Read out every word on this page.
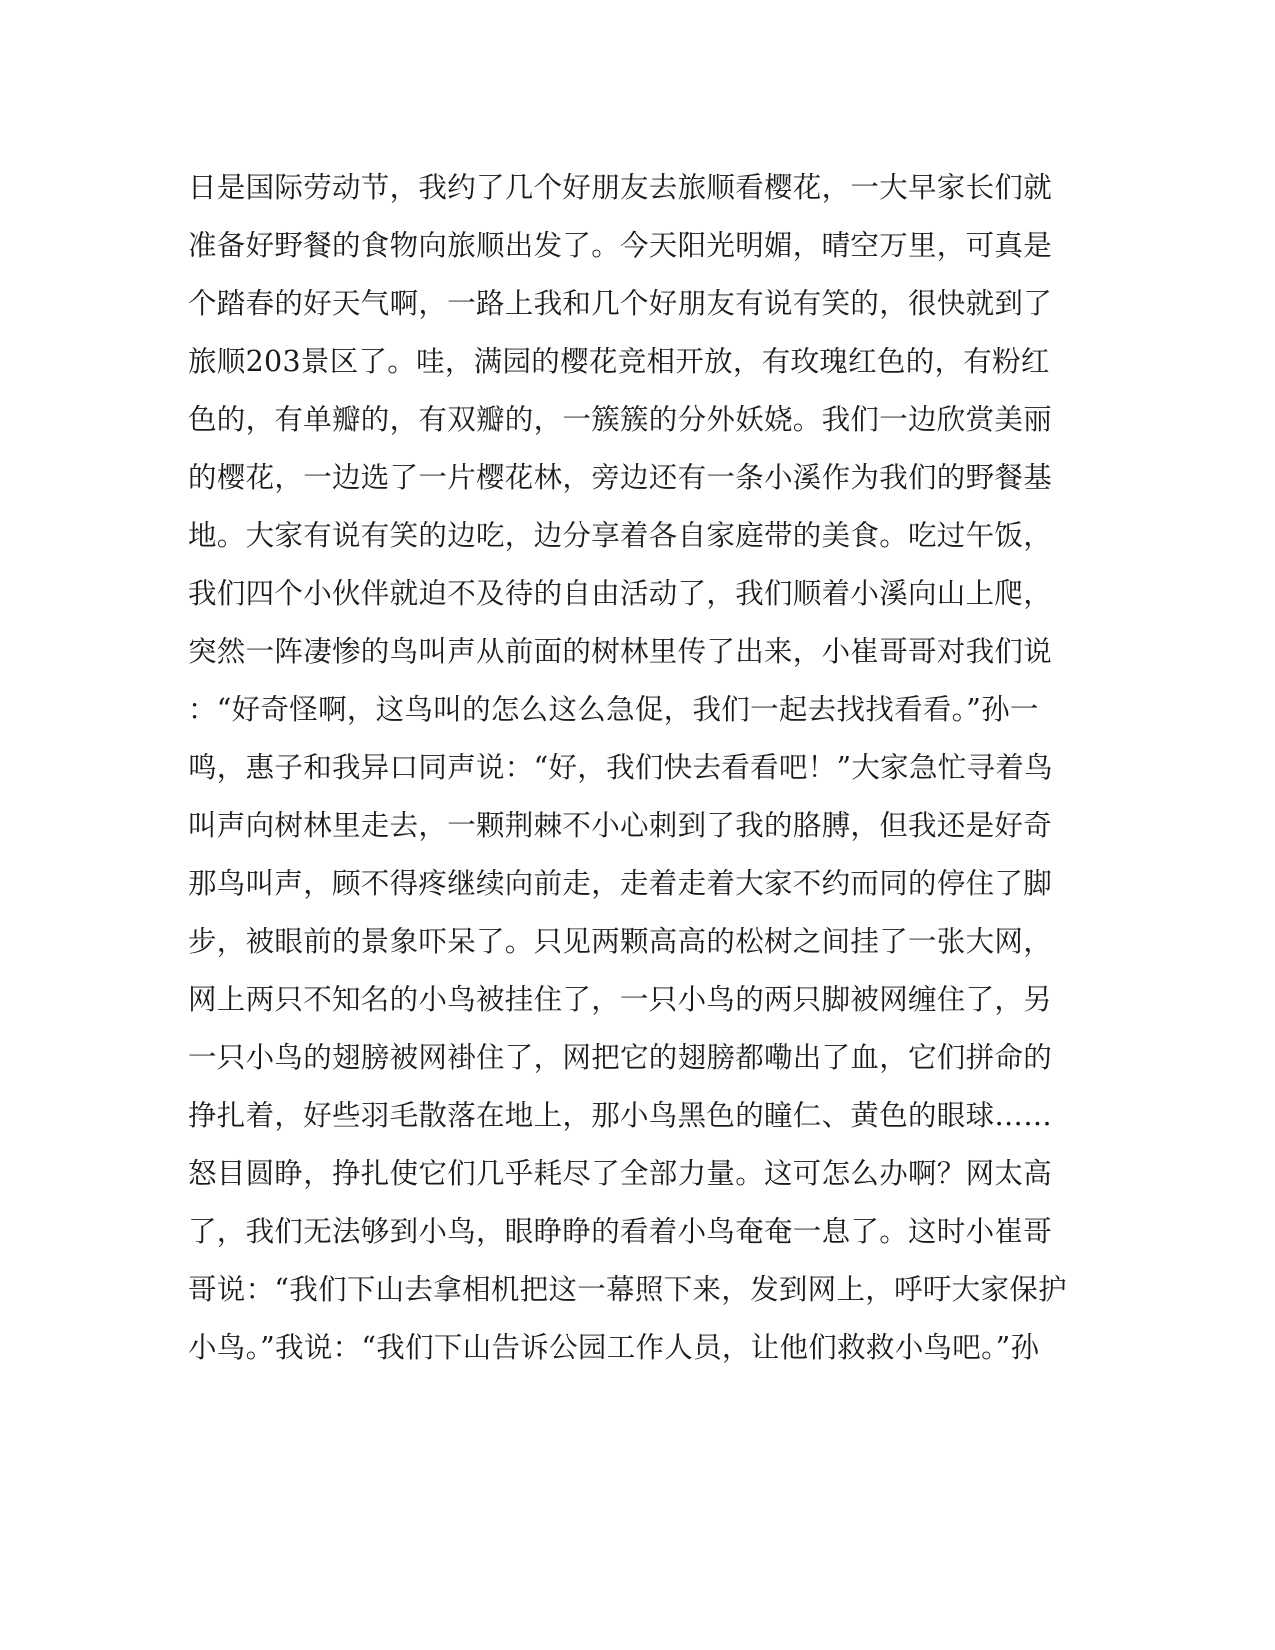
日是国际劳动节，我约了几个好朋友去旅顺看樱花，一大早家长们就
准备好野餐的食物向旅顺出发了。今天阳光明媚，晴空万里，可真是
个踏春的好天气啊，一路上我和几个好朋友有说有笑的，很快就到了
旅顺203景区了。哇，满园的樱花竞相开放，有玫瑰红色的，有粉红
色的，有单瓣的，有双瓣的，一簇簇的分外妖娆。我们一边欣赏美丽
的樱花，一边选了一片樱花林，旁边还有一条小溪作为我们的野餐基
地。大家有说有笑的边吃，边分享着各自家庭带的美食。吃过午饭，
我们四个小伙伴就迫不及待的自由活动了，我们顺着小溪向山上爬，
突然一阵凄惨的鸟叫声从前面的树林里传了出来，小崔哥哥对我们说
：“好奇怪啊，这鸟叫的怎么这么急促，我们一起去找找看看。”孙一
鸣，惠子和我异口同声说：“好，我们快去看看吧！”大家急忙寻着鸟
叫声向树林里走去，一颗荆棘不小心刺到了我的胳膊，但我还是好奇
那鸟叫声，顾不得疼继续向前走，走着走着大家不约而同的停住了脚
步，被眼前的景象吓呆了。只见两颗高高的松树之间挂了一张大网，
网上两只不知名的小鸟被挂住了，一只小鸟的两只脚被网缠住了，另
一只小鸟的翅膀被网褂住了，网把它的翅膀都嘞出了血，它们拼命的
挣扎着，好些羽毛散落在地上，那小鸟黑色的瞳仁、黄色的眼球……
怒目圆睁，挣扎使它们几乎耗尽了全部力量。这可怎么办啊？网太高
了，我们无法够到小鸟，眼睁睁的看着小鸟奄奄一息了。这时小崔哥
哥说：“我们下山去拿相机把这一幕照下来，发到网上，呼吁大家保护
小鸟。”我说：“我们下山告诉公园工作人员，让他们救救小鸟吧。”孙
